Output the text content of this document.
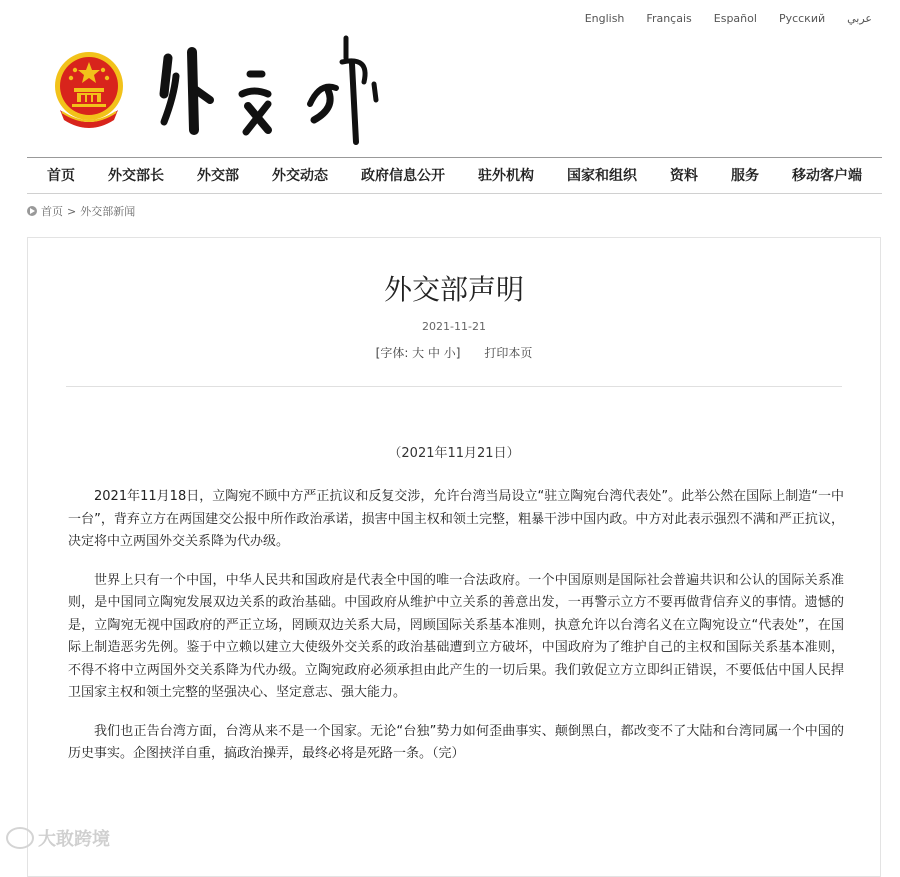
English Français Español Русский عربي
首页 外交部长 外交部 外交动态 政府信息公开 驻外机构 国家和组织 资料 服务 移动客户端
首页 > 外交部新闻
外交部声明
2021-11-21
[字体: 大 中 小] 打印本页
（2021年11月21日）

2021年11月18日，立陶宛不顾中方严正抗议和反复交涉，允许台湾当局设立“驻立陶宛台湾代表处”。此举公然在国际上制造“一中一台”，背弃立方在两国建交公报中所作政治承诺，损害中国主权和领土完整，粗暴干涉中国内政。中方对此表示强烈不满和严正抗议，决定将中立两国外交关系降为代办级。

世界上只有一个中国，中华人民共和国政府是代表全中国的唯一合法政府。一个中国原则是国际社会普遍共识和公认的国际关系准则，是中国同立陶宛发展双边关系的政治基础。中国政府从维护中立关系的善意出发，一再警示立方不要再做背信弃义的事情。遗憾的是，立陶宛无视中国政府的严正立场，罔顾双边关系大局，罔顾国际关系基本准则，执意允许以台湾名义在立陶宛设立“代表处”，在国际上制造恶劣先例。鉴于中立赖以建立大使级外交关系的政治基础遭到立方破坏，中国政府为了维护自己的主权和国际关系基本准则，不得不将中立两国外交关系降为代办级。立陶宛政府必须承担由此产生的一切后果。我们敦促立方立即纠正错误，不要低估中国人民捍卫国家主权和领土完整的坚强决心、坚定意志、强大能力。

我们也正告台湾方面，台湾从来不是一个国家。无论“台独”势力如何歪曲事实、颠倒黑白，都改变不了大陆和台湾同属一个中国的历史事实。企图挟洋自重，搞政治操弄，最终必将是死路一条。（完）

大敢跨境
